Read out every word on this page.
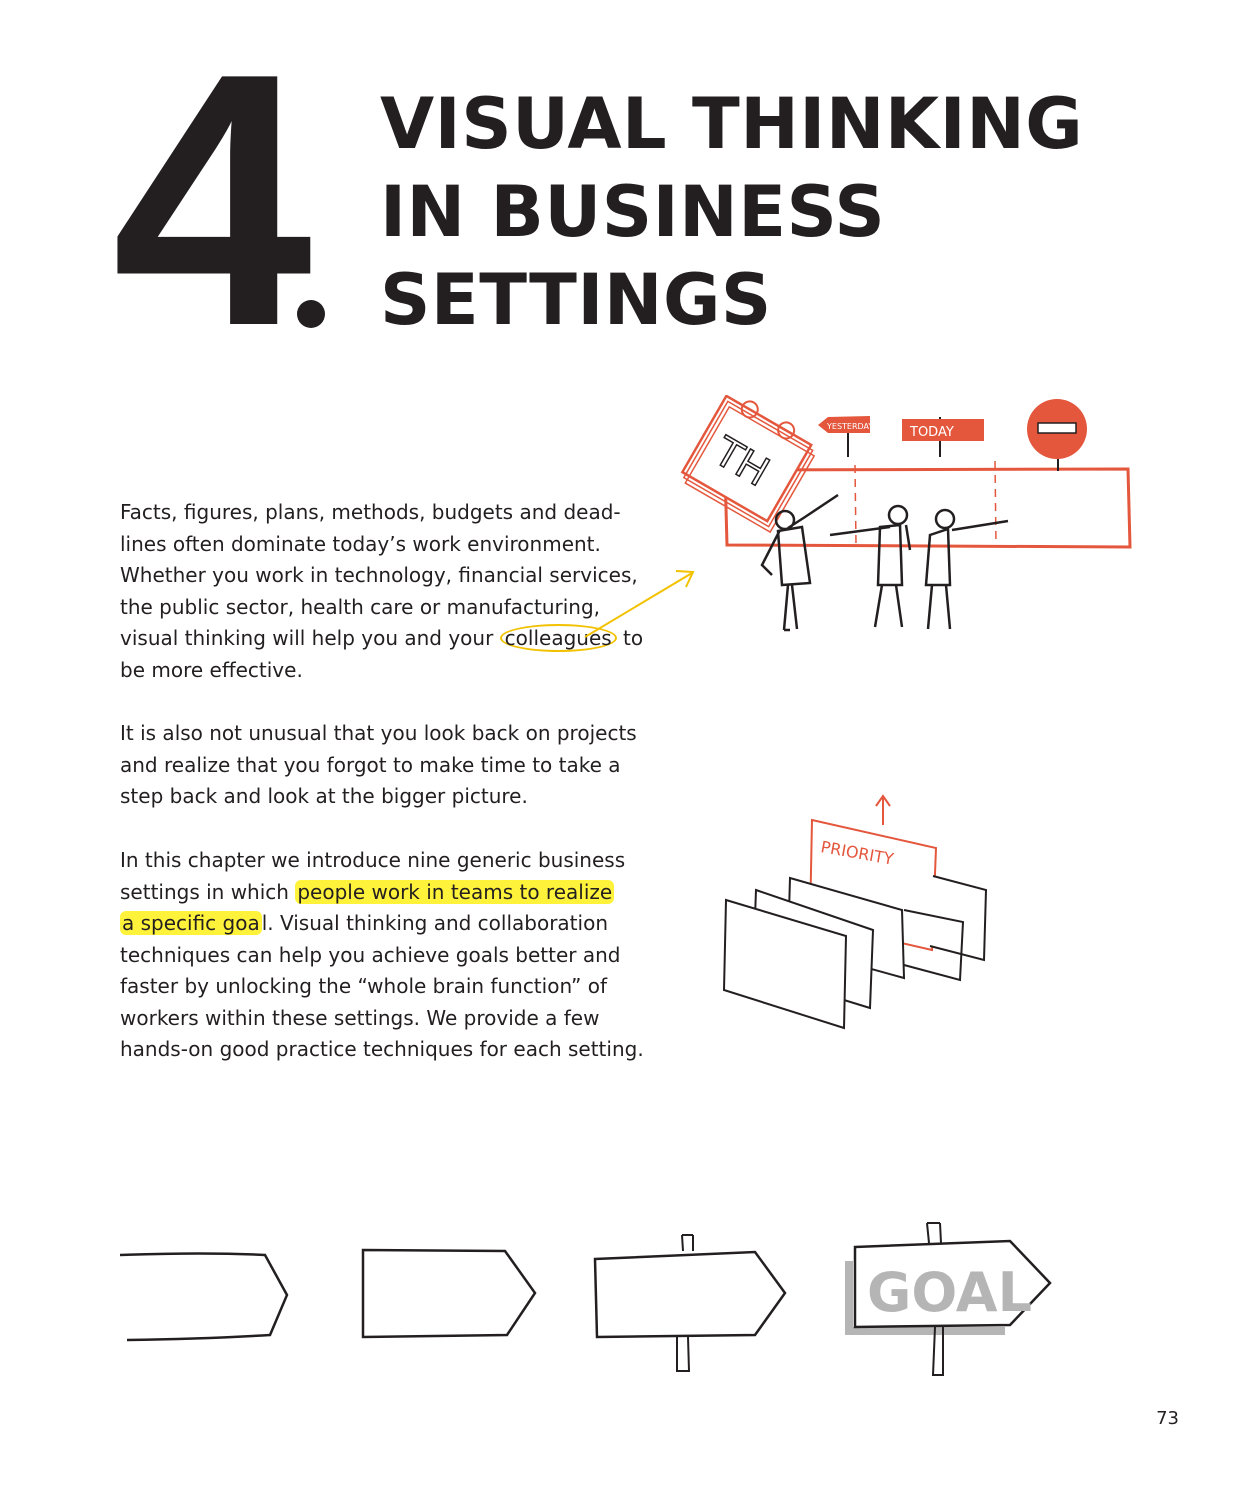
4 VISUAL THINKING
IN BUSINESS
SETTINGS

Facts, figures, plans, methods, budgets and dead-
lines often dominate today’s work environment.
Whether you work in technology, financial services,
the public sector, health care or manufacturing,
visual thinking will help you and your colleagues to
be more effective.

It is also not unusual that you look back on projects
and realize that you forgot to make time to take a
step back and look at the bigger picture.

In this chapter we introduce nine generic business
settings in which people work in teams to realize
a specific goa l. Visual thinking and collaboration
techniques can help you achieve goals better and
faster by unlocking the “whole brain function” of
workers within these settings. We provide a few
hands-on good practice techniques for each setting.

YESTERDAY	TODAY
TH
PRIORITY
GOAL
73
